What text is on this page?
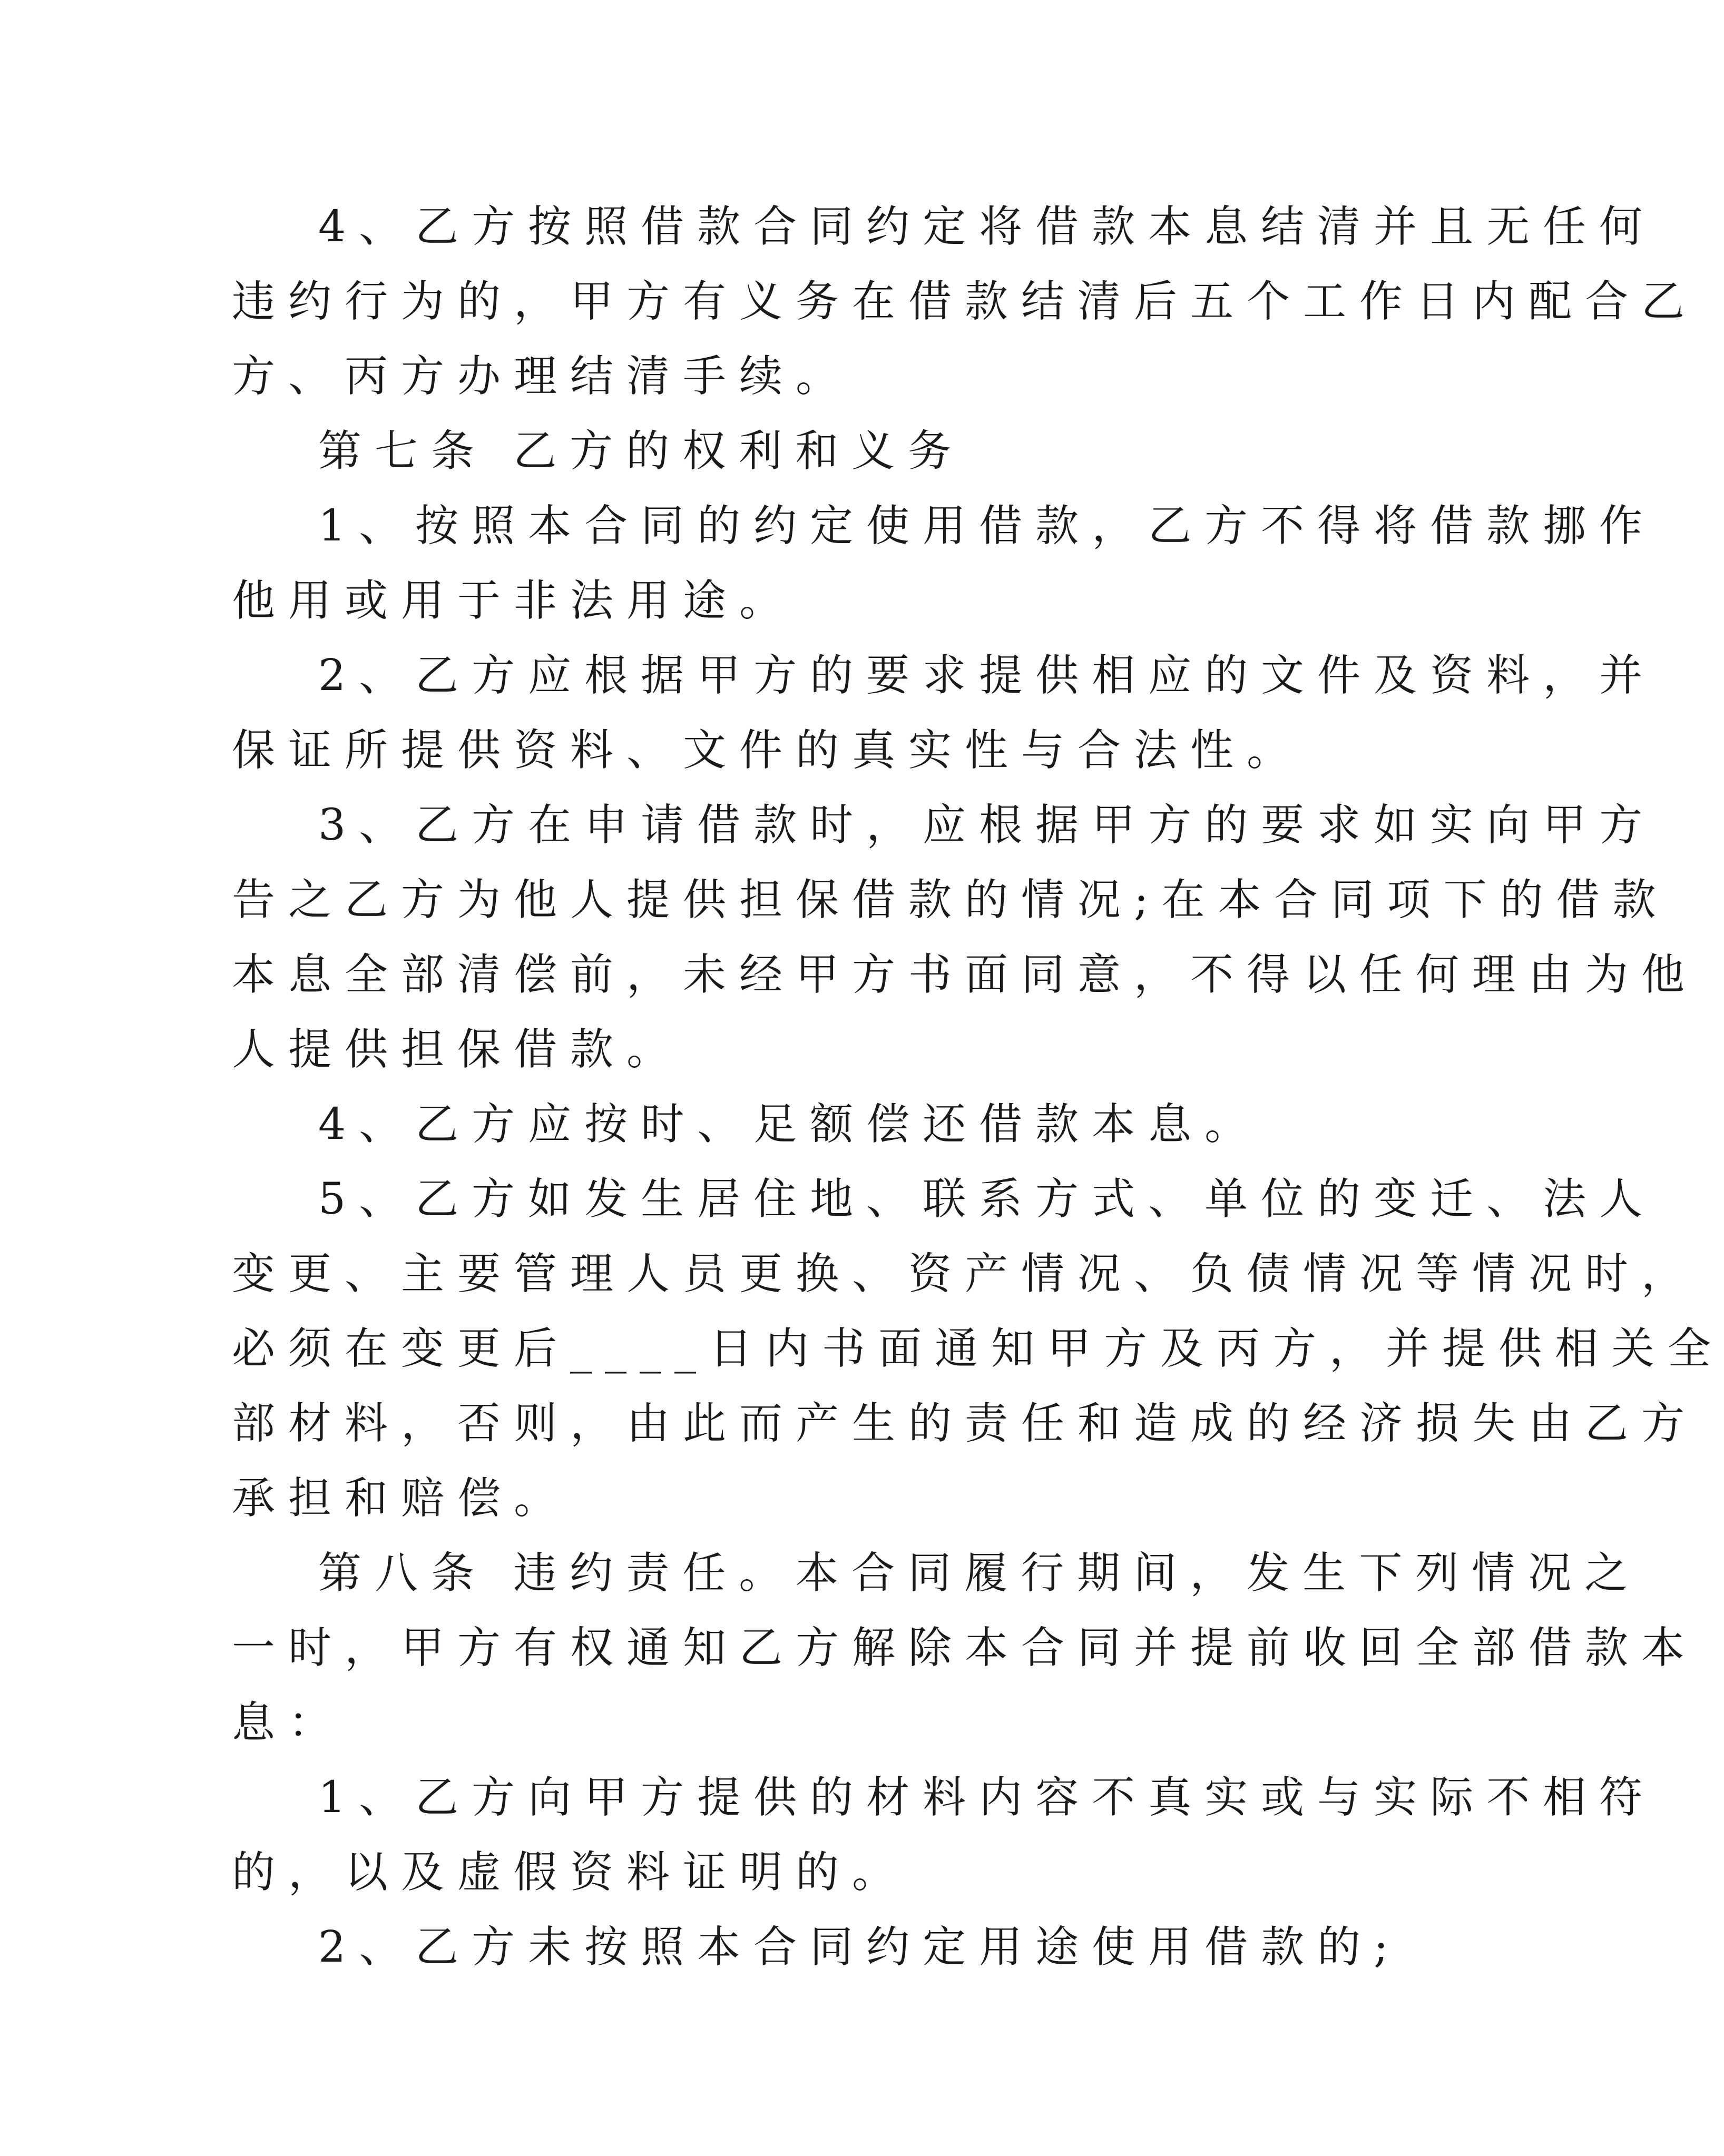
4、乙方按照借款合同约定将借款本息结清并且无任何
违约行为的，甲方有义务在借款结清后五个工作日内配合乙
方、丙方办理结清手续。
第七条 乙方的权利和义务
1、按照本合同的约定使用借款，乙方不得将借款挪作
他用或用于非法用途。
2、乙方应根据甲方的要求提供相应的文件及资料，并
保证所提供资料、文件的真实性与合法性。
3、乙方在申请借款时，应根据甲方的要求如实向甲方
告之乙方为他人提供担保借款的情况;在本合同项下的借款
本息全部清偿前，未经甲方书面同意，不得以任何理由为他
人提供担保借款。
4、乙方应按时、足额偿还借款本息。
5、乙方如发生居住地、联系方式、单位的变迁、法人
变更、主要管理人员更换、资产情况、负债情况等情况时，
必须在变更后____日内书面通知甲方及丙方，并提供相关全
部材料，否则，由此而产生的责任和造成的经济损失由乙方
承担和赔偿。
第八条 违约责任。本合同履行期间，发生下列情况之
一时，甲方有权通知乙方解除本合同并提前收回全部借款本
息：
1、乙方向甲方提供的材料内容不真实或与实际不相符
的，以及虚假资料证明的。
2、乙方未按照本合同约定用途使用借款的;
